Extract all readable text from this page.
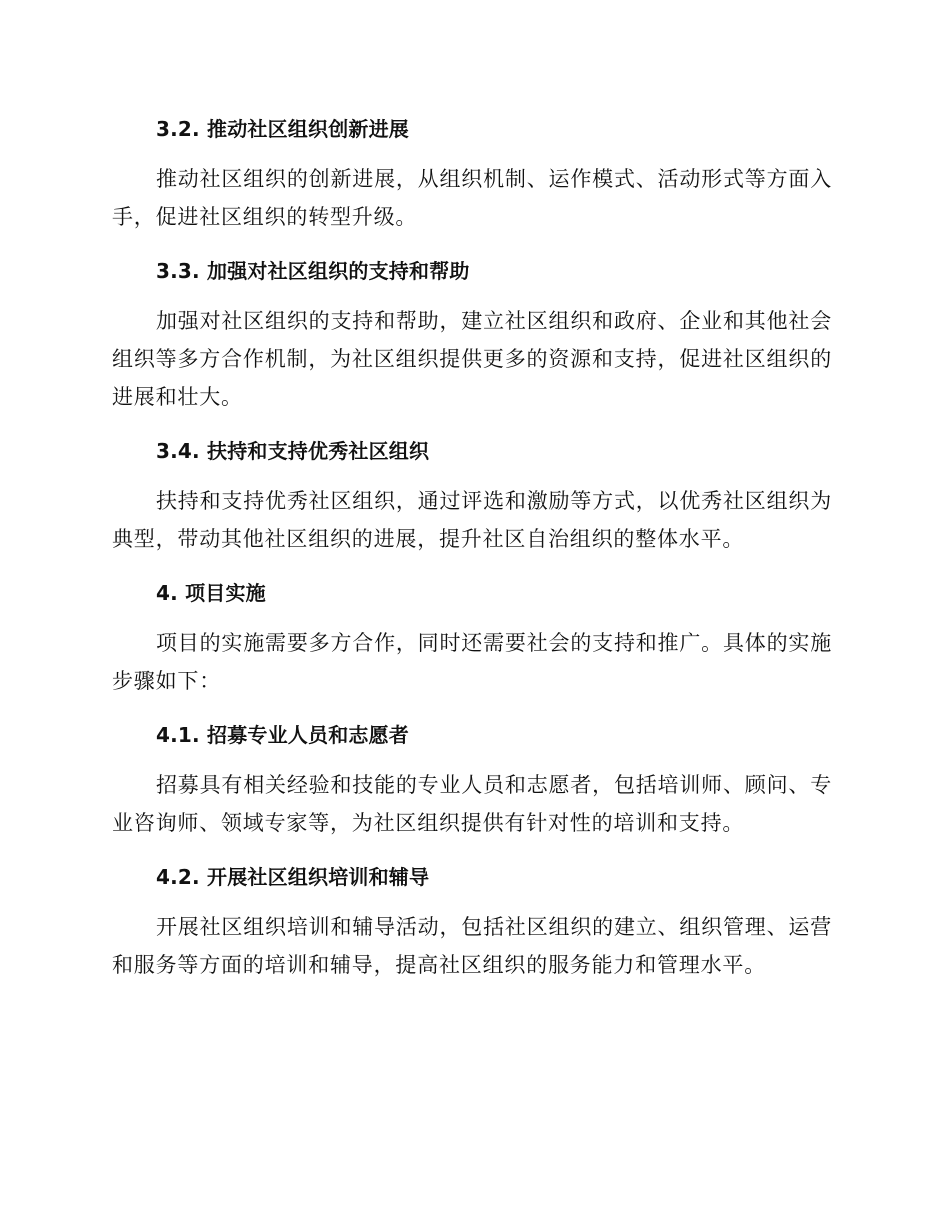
3.2. 推动社区组织创新进展

推动社区组织的创新进展，从组织机制、运作模式、活动形式等方面入手，促进社区组织的转型升级。

3.3. 加强对社区组织的支持和帮助

加强对社区组织的支持和帮助，建立社区组织和政府、企业和其他社会组织等多方合作机制，为社区组织提供更多的资源和支持，促进社区组织的进展和壮大。

3.4. 扶持和支持优秀社区组织

扶持和支持优秀社区组织，通过评选和激励等方式，以优秀社区组织为典型，带动其他社区组织的进展，提升社区自治组织的整体水平。

4. 项目实施

项目的实施需要多方合作，同时还需要社会的支持和推广。具体的实施步骤如下：

4.1. 招募专业人员和志愿者

招募具有相关经验和技能的专业人员和志愿者，包括培训师、顾问、专业咨询师、领域专家等，为社区组织提供有针对性的培训和支持。

4.2. 开展社区组织培训和辅导

开展社区组织培训和辅导活动，包括社区组织的建立、组织管理、运营和服务等方面的培训和辅导，提高社区组织的服务能力和管理水平。
